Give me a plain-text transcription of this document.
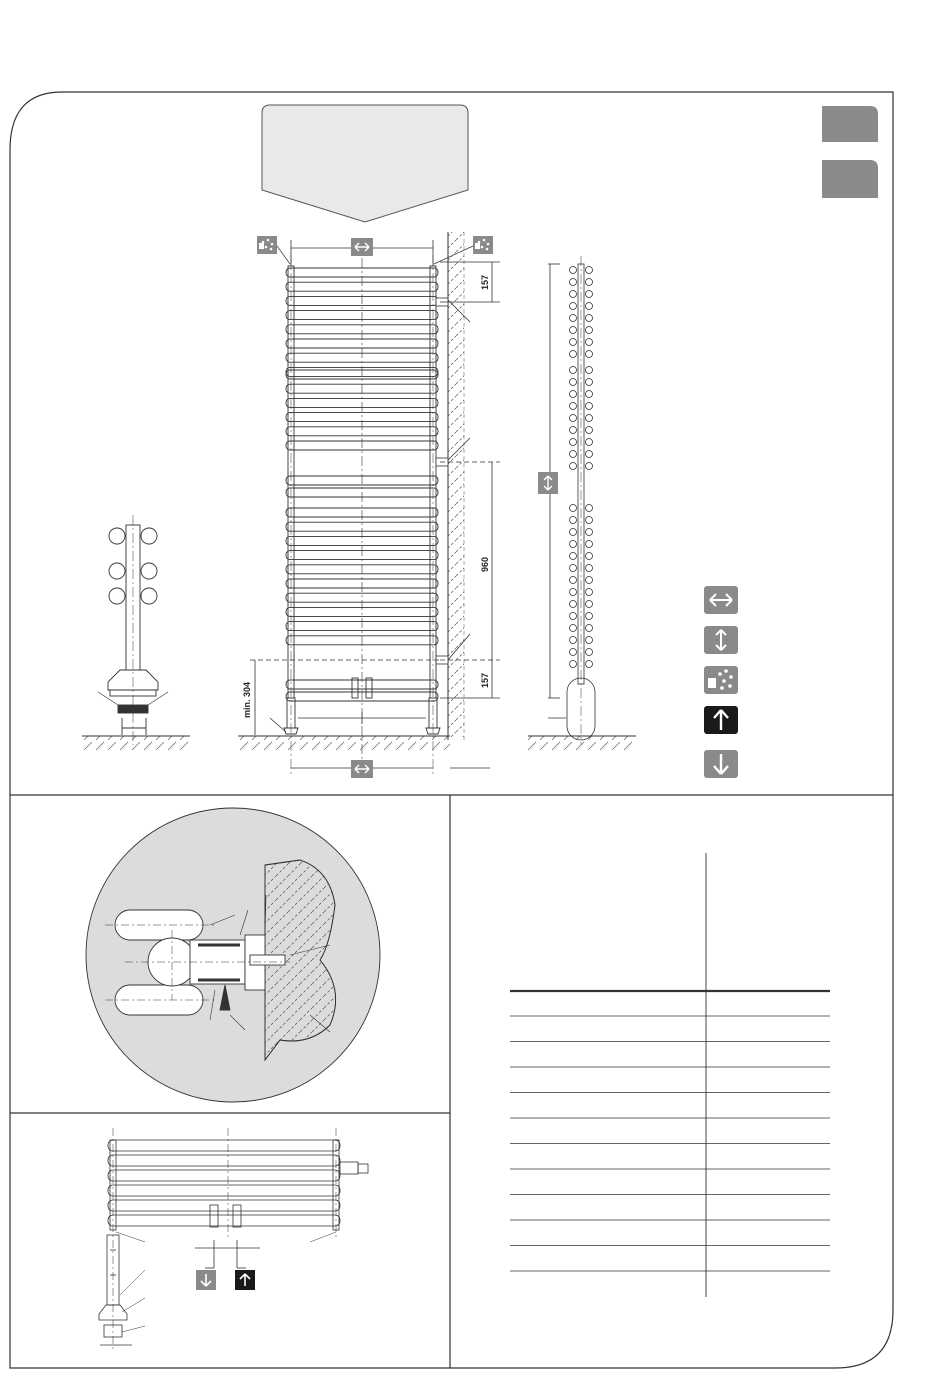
157
960
157
min. 304
